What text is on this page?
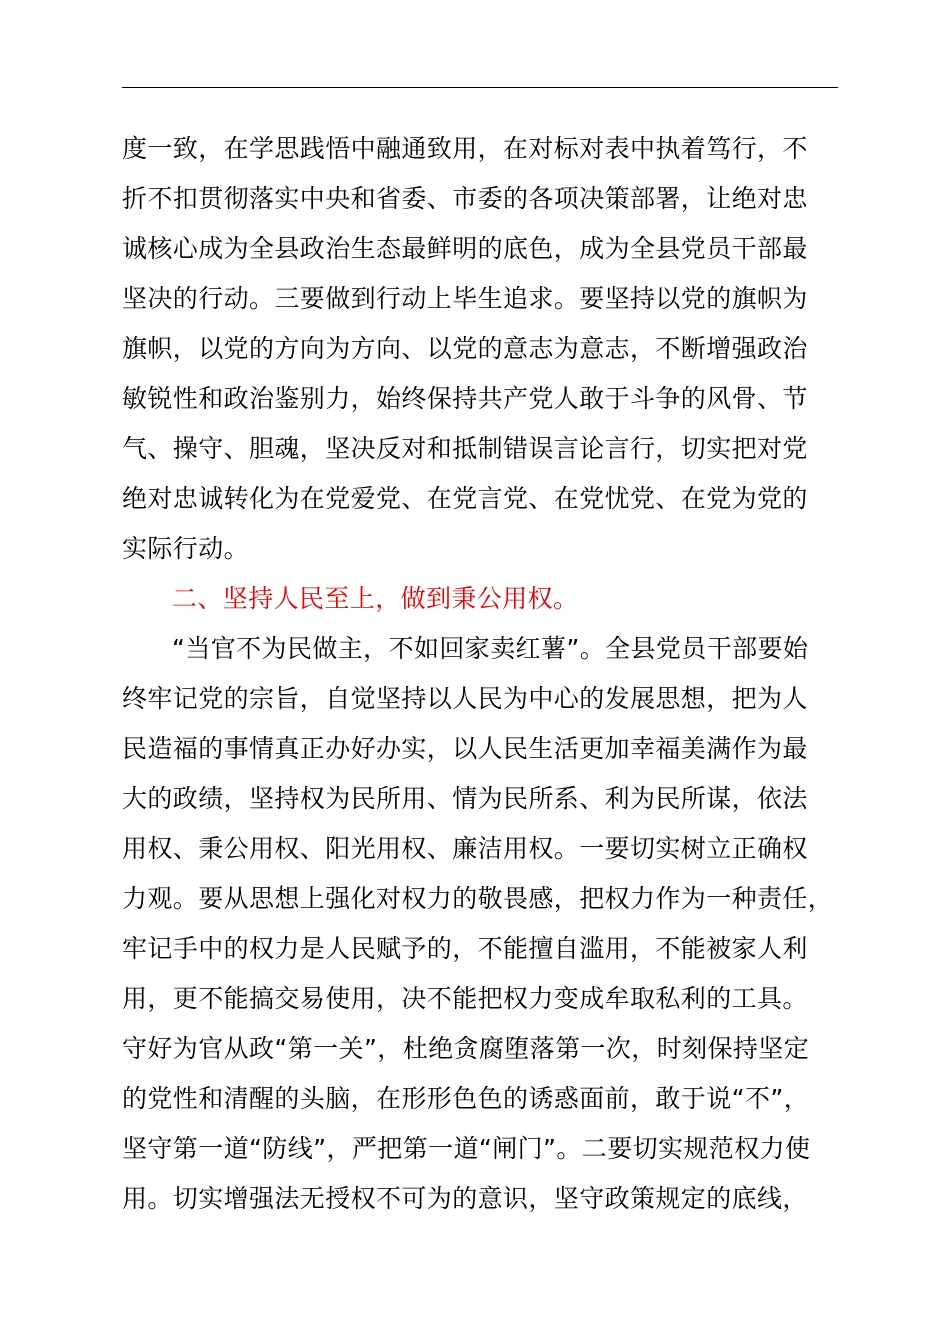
度一致，在学思践悟中融通致用，在对标对表中执着笃行，不
折不扣贯彻落实中央和省委、市委的各项决策部署，让绝对忠
诚核心成为全县政治生态最鲜明的底色，成为全县党员干部最
坚决的行动。三要做到行动上毕生追求。要坚持以党的旗帜为
旗帜，以党的方向为方向、以党的意志为意志，不断增强政治
敏锐性和政治鉴别力，始终保持共产党人敢于斗争的风骨、节
气、操守、胆魂，坚决反对和抵制错误言论言行，切实把对党
绝对忠诚转化为在党爱党、在党言党、在党忧党、在党为党的
实际行动。
二、坚持人民至上，做到秉公用权。
“当官不为民做主，不如回家卖红薯”。全县党员干部要始
终牢记党的宗旨，自觉坚持以人民为中心的发展思想，把为人
民造福的事情真正办好办实，以人民生活更加幸福美满作为最
大的政绩，坚持权为民所用、情为民所系、利为民所谋，依法
用权、秉公用权、阳光用权、廉洁用权。一要切实树立正确权
力观。要从思想上强化对权力的敬畏感，把权力作为一种责任，
牢记手中的权力是人民赋予的，不能擅自滥用，不能被家人利
用，更不能搞交易使用，决不能把权力变成牟取私利的工具。
守好为官从政“第一关”，杜绝贪腐堕落第一次，时刻保持坚定
的党性和清醒的头脑，在形形色色的诱惑面前，敢于说“不”，
坚守第一道“防线”，严把第一道“闸门”。二要切实规范权力使
用。切实增强法无授权不可为的意识，坚守政策规定的底线，
